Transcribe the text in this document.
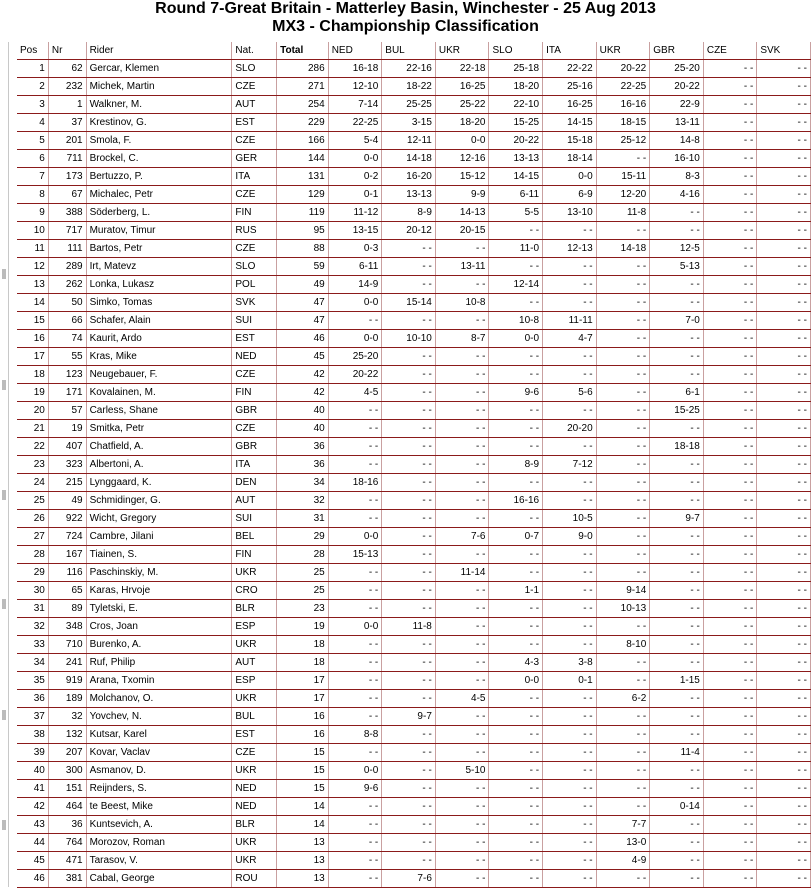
Round 7-Great Britain - Matterley Basin, Winchester - 25 Aug 2013
MX3 - Championship Classification
Pos	Nr	Rider	Nat.	Total	NED	BUL	UKR	SLO	ITA	UKR	GBR	CZE	SVK
1	62	Gercar, Klemen	SLO	286	16-18	22-16	22-18	25-18	22-22	20-22	25-20	- -	- -
2	232	Michek, Martin	CZE	271	12-10	18-22	16-25	18-20	25-16	22-25	20-22	- -	- -
3	1	Walkner, M.	AUT	254	7-14	25-25	25-22	22-10	16-25	16-16	22-9	- -	- -
4	37	Krestinov, G.	EST	229	22-25	3-15	18-20	15-25	14-15	18-15	13-11	- -	- -
5	201	Smola, F.	CZE	166	5-4	12-11	0-0	20-22	15-18	25-12	14-8	- -	- -
6	711	Brockel, C.	GER	144	0-0	14-18	12-16	13-13	18-14	- -	16-10	- -	- -
7	173	Bertuzzo, P.	ITA	131	0-2	16-20	15-12	14-15	0-0	15-11	8-3	- -	- -
8	67	Michalec, Petr	CZE	129	0-1	13-13	9-9	6-11	6-9	12-20	4-16	- -	- -
9	388	Söderberg, L.	FIN	119	11-12	8-9	14-13	5-5	13-10	11-8	- -	- -	- -
10	717	Muratov, Timur	RUS	95	13-15	20-12	20-15	- -	- -	- -	- -	- -	- -
11	111	Bartos, Petr	CZE	88	0-3	- -	- -	11-0	12-13	14-18	12-5	- -	- -
12	289	Irt, Matevz	SLO	59	6-11	- -	13-11	- -	- -	- -	5-13	- -	- -
13	262	Lonka, Lukasz	POL	49	14-9	- -	- -	12-14	- -	- -	- -	- -	- -
14	50	Simko, Tomas	SVK	47	0-0	15-14	10-8	- -	- -	- -	- -	- -	- -
15	66	Schafer, Alain	SUI	47	- -	- -	- -	10-8	11-11	- -	7-0	- -	- -
16	74	Kaurit, Ardo	EST	46	0-0	10-10	8-7	0-0	4-7	- -	- -	- -	- -
17	55	Kras, Mike	NED	45	25-20	- -	- -	- -	- -	- -	- -	- -	- -
18	123	Neugebauer, F.	CZE	42	20-22	- -	- -	- -	- -	- -	- -	- -	- -
19	171	Kovalainen, M.	FIN	42	4-5	- -	- -	9-6	5-6	- -	6-1	- -	- -
20	57	Carless, Shane	GBR	40	- -	- -	- -	- -	- -	- -	15-25	- -	- -
21	19	Smitka, Petr	CZE	40	- -	- -	- -	- -	20-20	- -	- -	- -	- -
22	407	Chatfield, A.	GBR	36	- -	- -	- -	- -	- -	- -	18-18	- -	- -
23	323	Albertoni, A.	ITA	36	- -	- -	- -	8-9	7-12	- -	- -	- -	- -
24	215	Lynggaard, K.	DEN	34	18-16	- -	- -	- -	- -	- -	- -	- -	- -
25	49	Schmidinger, G.	AUT	32	- -	- -	- -	16-16	- -	- -	- -	- -	- -
26	922	Wicht, Gregory	SUI	31	- -	- -	- -	- -	10-5	- -	9-7	- -	- -
27	724	Cambre, Jilani	BEL	29	0-0	- -	7-6	0-7	9-0	- -	- -	- -	- -
28	167	Tiainen, S.	FIN	28	15-13	- -	- -	- -	- -	- -	- -	- -	- -
29	116	Paschinskiy, M.	UKR	25	- -	- -	11-14	- -	- -	- -	- -	- -	- -
30	65	Karas, Hrvoje	CRO	25	- -	- -	- -	1-1	- -	9-14	- -	- -	- -
31	89	Tyletski, E.	BLR	23	- -	- -	- -	- -	- -	10-13	- -	- -	- -
32	348	Cros, Joan	ESP	19	0-0	11-8	- -	- -	- -	- -	- -	- -	- -
33	710	Burenko, A.	UKR	18	- -	- -	- -	- -	- -	8-10	- -	- -	- -
34	241	Ruf, Philip	AUT	18	- -	- -	- -	4-3	3-8	- -	- -	- -	- -
35	919	Arana, Txomin	ESP	17	- -	- -	- -	0-0	0-1	- -	1-15	- -	- -
36	189	Molchanov, O.	UKR	17	- -	- -	4-5	- -	- -	6-2	- -	- -	- -
37	32	Yovchev, N.	BUL	16	- -	9-7	- -	- -	- -	- -	- -	- -	- -
38	132	Kutsar, Karel	EST	16	8-8	- -	- -	- -	- -	- -	- -	- -	- -
39	207	Kovar, Vaclav	CZE	15	- -	- -	- -	- -	- -	- -	11-4	- -	- -
40	300	Asmanov, D.	UKR	15	0-0	- -	5-10	- -	- -	- -	- -	- -	- -
41	151	Reijnders, S.	NED	15	9-6	- -	- -	- -	- -	- -	- -	- -	- -
42	464	te Beest, Mike	NED	14	- -	- -	- -	- -	- -	- -	0-14	- -	- -
43	36	Kuntsevich, A.	BLR	14	- -	- -	- -	- -	- -	7-7	- -	- -	- -
44	764	Morozov, Roman	UKR	13	- -	- -	- -	- -	- -	13-0	- -	- -	- -
45	471	Tarasov, V.	UKR	13	- -	- -	- -	- -	- -	4-9	- -	- -	- -
46	381	Cabal, George	ROU	13	- -	7-6	- -	- -	- -	- -	- -	- -	- -
